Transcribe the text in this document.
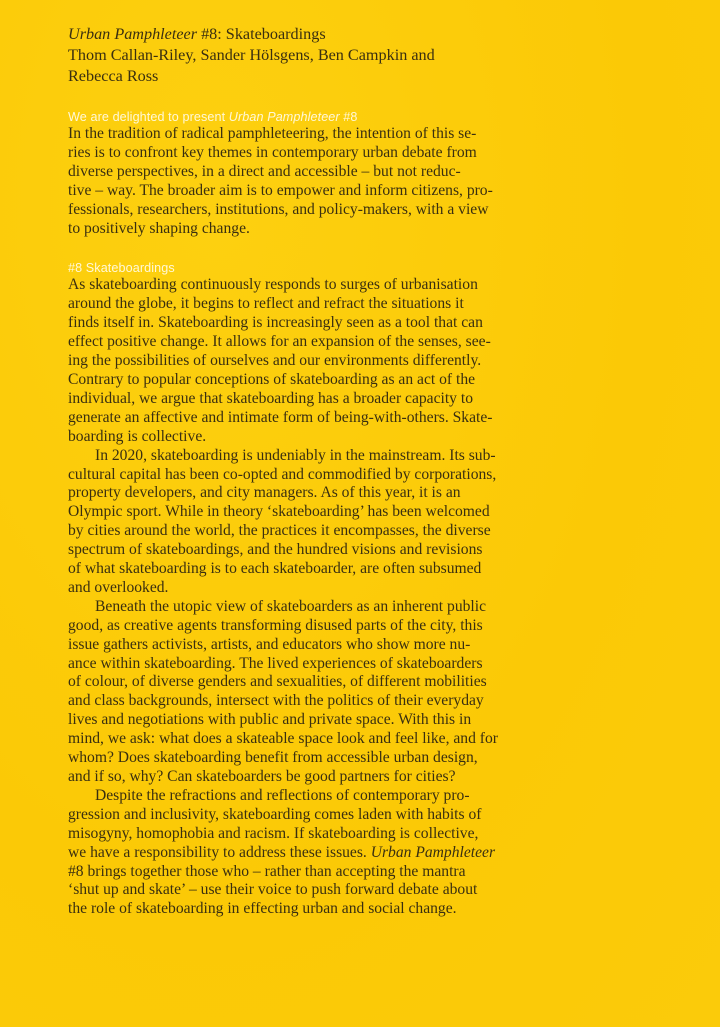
Urban Pamphleteer #8: Skateboardings
Thom Callan-Riley, Sander Hölsgens, Ben Campkin and
Rebecca Ross
We are delighted to present Urban Pamphleteer #8

In the tradition of radical pamphleteering, the intention of this se-
ries is to confront key themes in contemporary urban debate from
diverse perspectives, in a direct and accessible – but not reduc-
tive – way. The broader aim is to empower and inform citizens, pro-
fessionals, researchers, institutions, and policy-makers, with a view
to positively shaping change.

#8 Skateboardings

As skateboarding continuously responds to surges of urbanisation
around the globe, it begins to reflect and refract the situations it
finds itself in. Skateboarding is increasingly seen as a tool that can
effect positive change. It allows for an expansion of the senses, see-
ing the possibilities of ourselves and our environments differently.
Contrary to popular conceptions of skateboarding as an act of the
individual, we argue that skateboarding has a broader capacity to
generate an affective and intimate form of being-with-others. Skate-
boarding is collective.

In 2020, skateboarding is undeniably in the mainstream. Its sub-
cultural capital has been co-opted and commodified by corporations,
property developers, and city managers. As of this year, it is an
Olympic sport. While in theory ‘skateboarding’ has been welcomed
by cities around the world, the practices it encompasses, the diverse
spectrum of skateboardings, and the hundred visions and revisions
of what skateboarding is to each skateboarder, are often subsumed
and overlooked.

Beneath the utopic view of skateboarders as an inherent public
good, as creative agents transforming disused parts of the city, this
issue gathers activists, artists, and educators who show more nu-
ance within skateboarding. The lived experiences of skateboarders
of colour, of diverse genders and sexualities, of different mobilities
and class backgrounds, intersect with the politics of their everyday
lives and negotiations with public and private space. With this in
mind, we ask: what does a skateable space look and feel like, and for
whom? Does skateboarding benefit from accessible urban design,
and if so, why? Can skateboarders be good partners for cities?

Despite the refractions and reflections of contemporary pro-
gression and inclusivity, skateboarding comes laden with habits of
misogyny, homophobia and racism. If skateboarding is collective,
we have a responsibility to address these issues. Urban Pamphleteer
#8 brings together those who – rather than accepting the mantra
‘shut up and skate’ – use their voice to push forward debate about
the role of skateboarding in effecting urban and social change.
